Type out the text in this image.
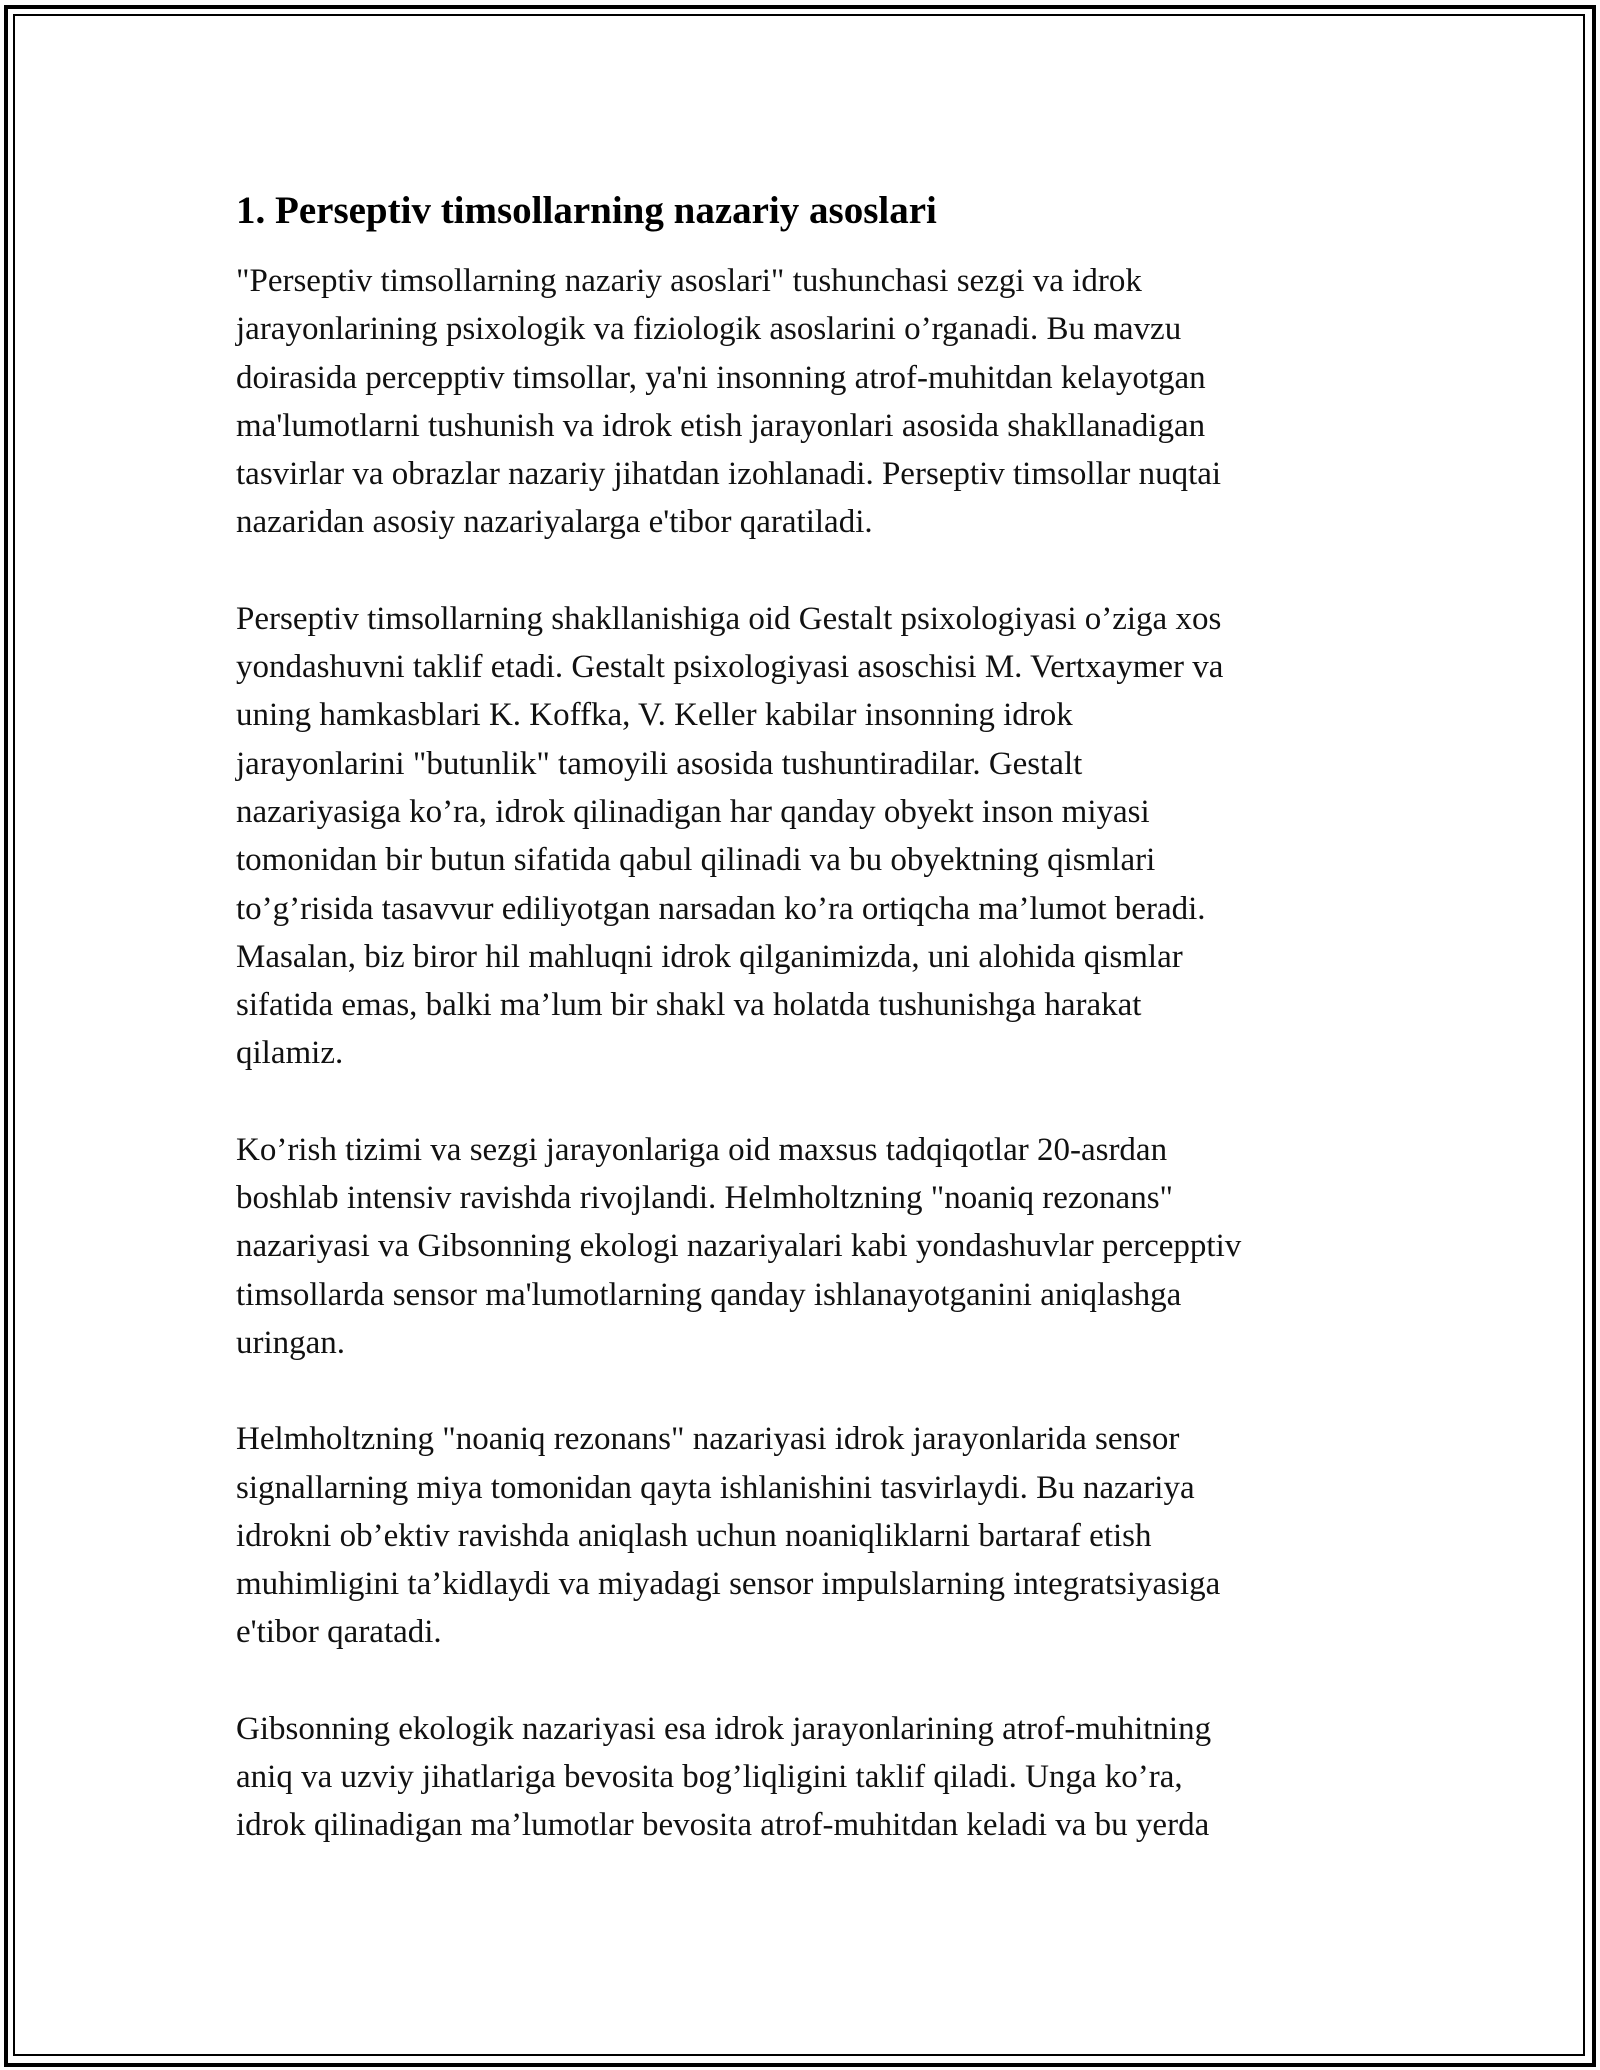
1. Perseptiv timsollarning nazariy asoslari

"Perseptiv timsollarning nazariy asoslari" tushunchasi sezgi va idrok
jarayonlarining psixologik va fiziologik asoslarini o’rganadi. Bu mavzu
doirasida percepptiv timsollar, ya'ni insonning atrof-muhitdan kelayotgan
ma'lumotlarni tushunish va idrok etish jarayonlari asosida shakllanadigan
tasvirlar va obrazlar nazariy jihatdan izohlanadi. Perseptiv timsollar nuqtai
nazaridan asosiy nazariyalarga e'tibor qaratiladi.

Perseptiv timsollarning shakllanishiga oid Gestalt psixologiyasi o’ziga xos
yondashuvni taklif etadi. Gestalt psixologiyasi asoschisi M. Vertxaymer va
uning hamkasblari K. Koffka, V. Keller kabilar insonning idrok
jarayonlarini "butunlik" tamoyili asosida tushuntiradilar. Gestalt
nazariyasiga ko’ra, idrok qilinadigan har qanday obyekt inson miyasi
tomonidan bir butun sifatida qabul qilinadi va bu obyektning qismlari
to’g’risida tasavvur ediliyotgan narsadan ko’ra ortiqcha ma’lumot beradi.
Masalan, biz biror hil mahluqni idrok qilganimizda, uni alohida qismlar
sifatida emas, balki ma’lum bir shakl va holatda tushunishga harakat
qilamiz.

Ko’rish tizimi va sezgi jarayonlariga oid maxsus tadqiqotlar 20-asrdan
boshlab intensiv ravishda rivojlandi. Helmholtzning "noaniq rezonans"
nazariyasi va Gibsonning ekologi nazariyalari kabi yondashuvlar percepptiv
timsollarda sensor ma'lumotlarning qanday ishlanayotganini aniqlashga
uringan.

Helmholtzning "noaniq rezonans" nazariyasi idrok jarayonlarida sensor
signallarning miya tomonidan qayta ishlanishini tasvirlaydi. Bu nazariya
idrokni ob’ektiv ravishda aniqlash uchun noaniqliklarni bartaraf etish
muhimligini ta’kidlaydi va miyadagi sensor impulslarning integratsiyasiga
e'tibor qaratadi.

Gibsonning ekologik nazariyasi esa idrok jarayonlarining atrof-muhitning
aniq va uzviy jihatlariga bevosita bog’liqligini taklif qiladi. Unga ko’ra,
idrok qilinadigan ma’lumotlar bevosita atrof-muhitdan keladi va bu yerda
